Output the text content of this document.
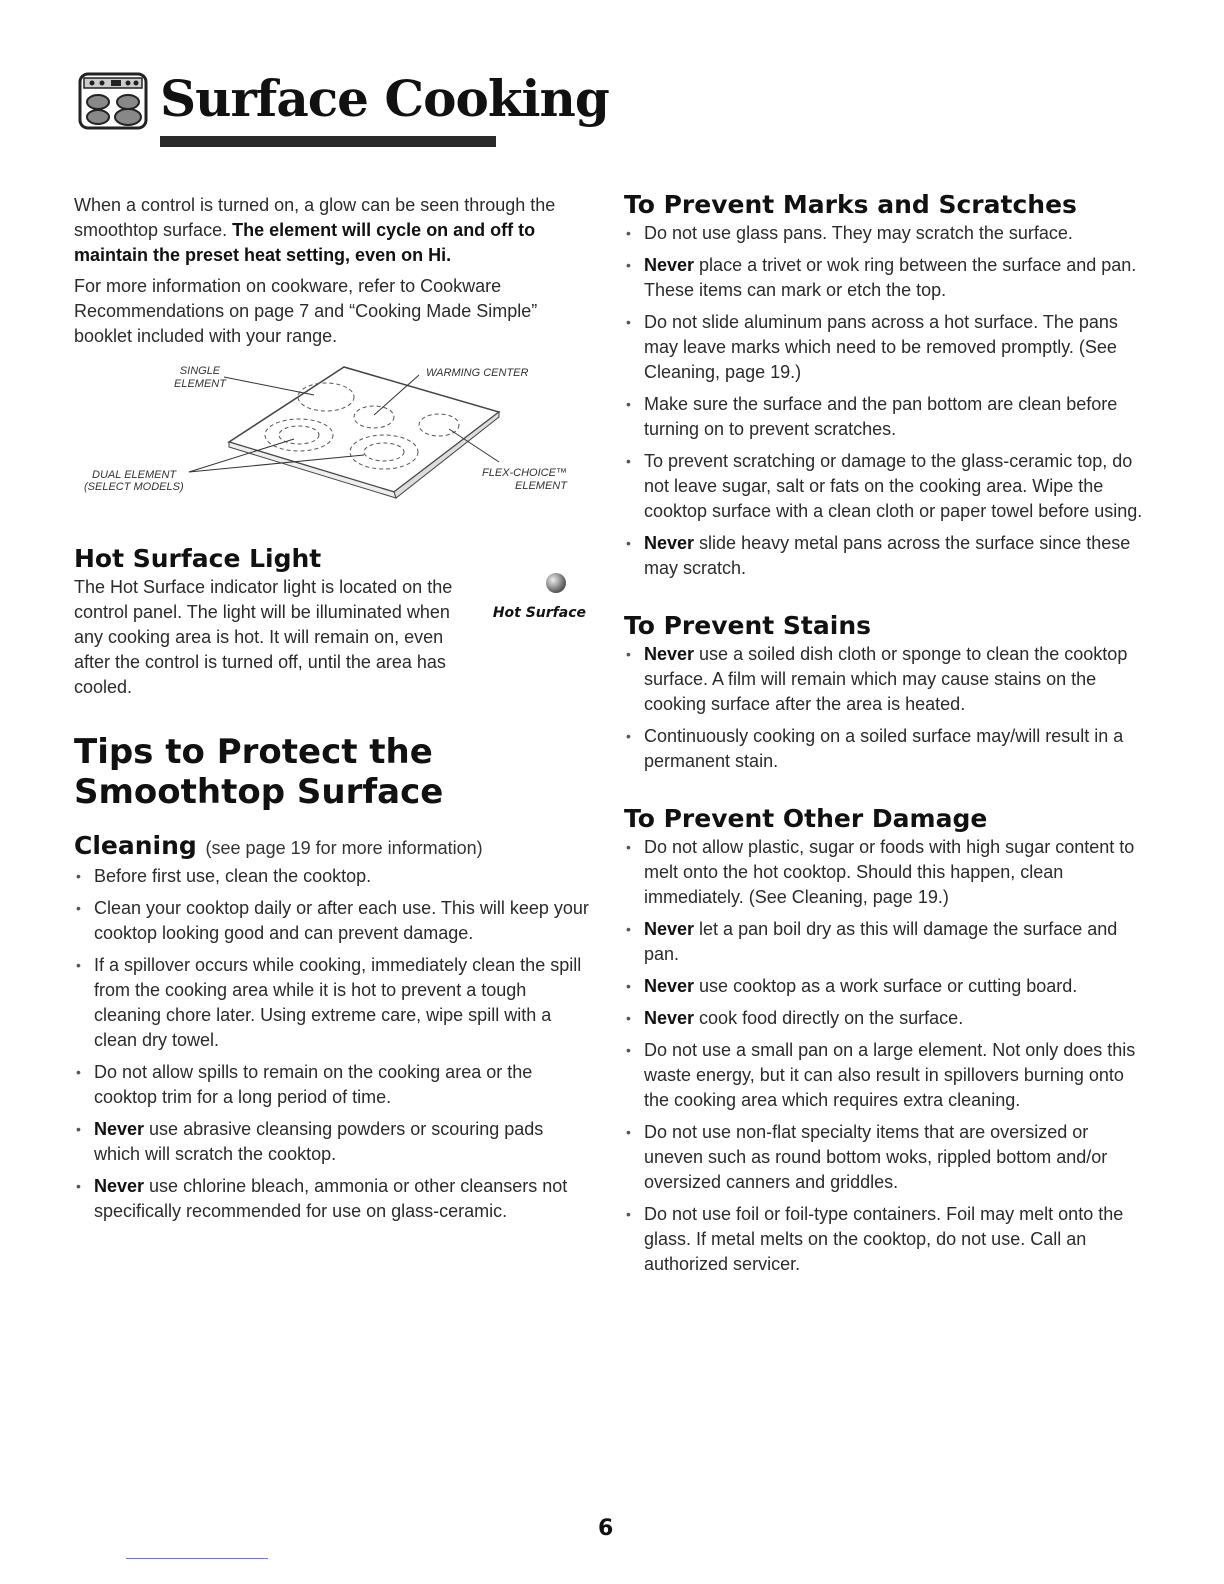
Surface Cooking

When a control is turned on, a glow can be seen through the smoothtop surface. The element will cycle on and off to maintain the preset heat setting, even on Hi.

For more information on cookware, refer to Cookware Recommendations on page 7 and “Cooking Made Simple” booklet included with your range.

SINGLE
ELEMENT
WARMING CENTER
DUAL ELEMENT
(SELECT MODELS)
FLEX-CHOICE™
ELEMENT
Hot Surface Light

The Hot Surface indicator light is located on the control panel. The light will be illuminated when any cooking area is hot. It will remain on, even after the control is turned off, until the area has cooled.

Hot Surface
Tips to Protect the
Smoothtop Surface
Cleaning (see page 19 for more information)
• Before first use, clean the cooktop.
• Clean your cooktop daily or after each use. This will keep your cooktop looking good and can prevent damage.
• If a spillover occurs while cooking, immediately clean the spill from the cooking area while it is hot to prevent a tough cleaning chore later. Using extreme care, wipe spill with a clean dry towel.
• Do not allow spills to remain on the cooking area or the cooktop trim for a long period of time.
• Never use abrasive cleansing powders or scouring pads which will scratch the cooktop.
• Never use chlorine bleach, ammonia or other cleansers not specifically recommended for use on glass-ceramic.
To Prevent Marks and Scratches
• Do not use glass pans. They may scratch the surface.
• Never place a trivet or wok ring between the surface and pan. These items can mark or etch the top.
• Do not slide aluminum pans across a hot surface. The pans may leave marks which need to be removed promptly. (See Cleaning, page 19.)
• Make sure the surface and the pan bottom are clean before turning on to prevent scratches.
• To prevent scratching or damage to the glass-ceramic top, do not leave sugar, salt or fats on the cooking area. Wipe the cooktop surface with a clean cloth or paper towel before using.
• Never slide heavy metal pans across the surface since these may scratch.
To Prevent Stains
• Never use a soiled dish cloth or sponge to clean the cooktop surface. A film will remain which may cause stains on the cooking surface after the area is heated.
• Continuously cooking on a soiled surface may/will result in a permanent stain.
To Prevent Other Damage
• Do not allow plastic, sugar or foods with high sugar content to melt onto the hot cooktop. Should this happen, clean immediately. (See Cleaning, page 19.)
• Never let a pan boil dry as this will damage the surface and pan.
• Never use cooktop as a work surface or cutting board.
• Never cook food directly on the surface.
• Do not use a small pan on a large element. Not only does this waste energy, but it can also result in spillovers burning onto the cooking area which requires extra cleaning.
• Do not use non-flat specialty items that are oversized or uneven such as round bottom woks, rippled bottom and/or oversized canners and griddles.
• Do not use foil or foil-type containers. Foil may melt onto the glass. If metal melts on the cooktop, do not use. Call an authorized servicer.
6
